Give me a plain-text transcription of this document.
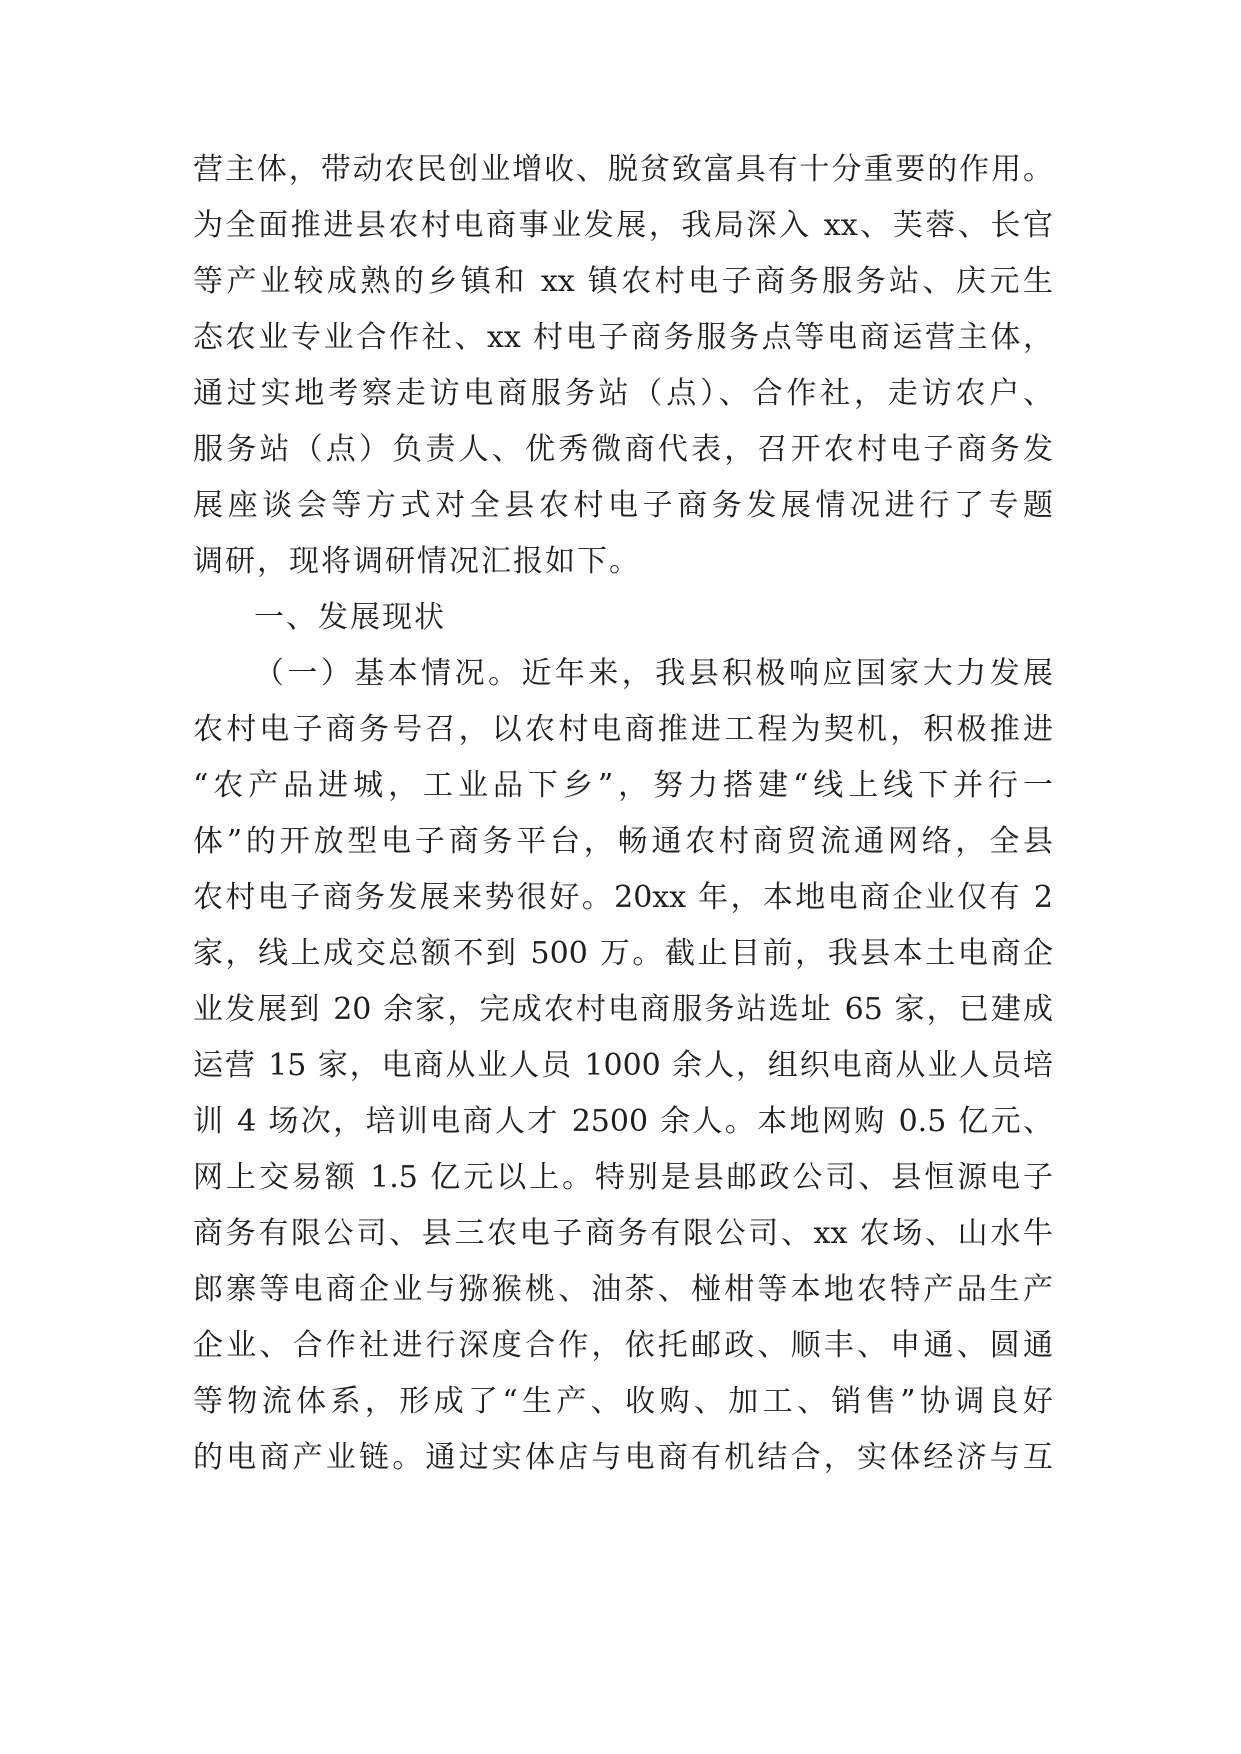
营主体，带动农民创业增收、脱贫致富具有十分重要的作用。
为全面推进县农村电商事业发展，我局深入 xx、芙蓉、长官
等产业较成熟的乡镇和 xx 镇农村电子商务服务站、庆元生
态农业专业合作社、xx 村电子商务服务点等电商运营主体，
通过实地考察走访电商服务站（点）、合作社，走访农户、
服务站（点）负责人、优秀微商代表，召开农村电子商务发
展座谈会等方式对全县农村电子商务发展情况进行了专题
调研，现将调研情况汇报如下。
一、发展现状
（一）基本情况。近年来，我县积极响应国家大力发展
农村电子商务号召，以农村电商推进工程为契机，积极推进
“农产品进城，工业品下乡”，努力搭建“线上线下并行一
体”的开放型电子商务平台，畅通农村商贸流通网络，全县
农村电子商务发展来势很好。20xx 年，本地电商企业仅有 2
家，线上成交总额不到 500 万。截止目前，我县本土电商企
业发展到 20 余家，完成农村电商服务站选址 65 家，已建成
运营 15 家，电商从业人员 1000 余人，组织电商从业人员培
训 4 场次，培训电商人才 2500 余人。本地网购 0.5 亿元、
网上交易额 1.5 亿元以上。特别是县邮政公司、县恒源电子
商务有限公司、县三农电子商务有限公司、xx 农场、山水牛
郎寨等电商企业与猕猴桃、油茶、椪柑等本地农特产品生产
企业、合作社进行深度合作，依托邮政、顺丰、申通、圆通
等物流体系，形成了“生产、收购、加工、销售”协调良好
的电商产业链。通过实体店与电商有机结合，实体经济与互
